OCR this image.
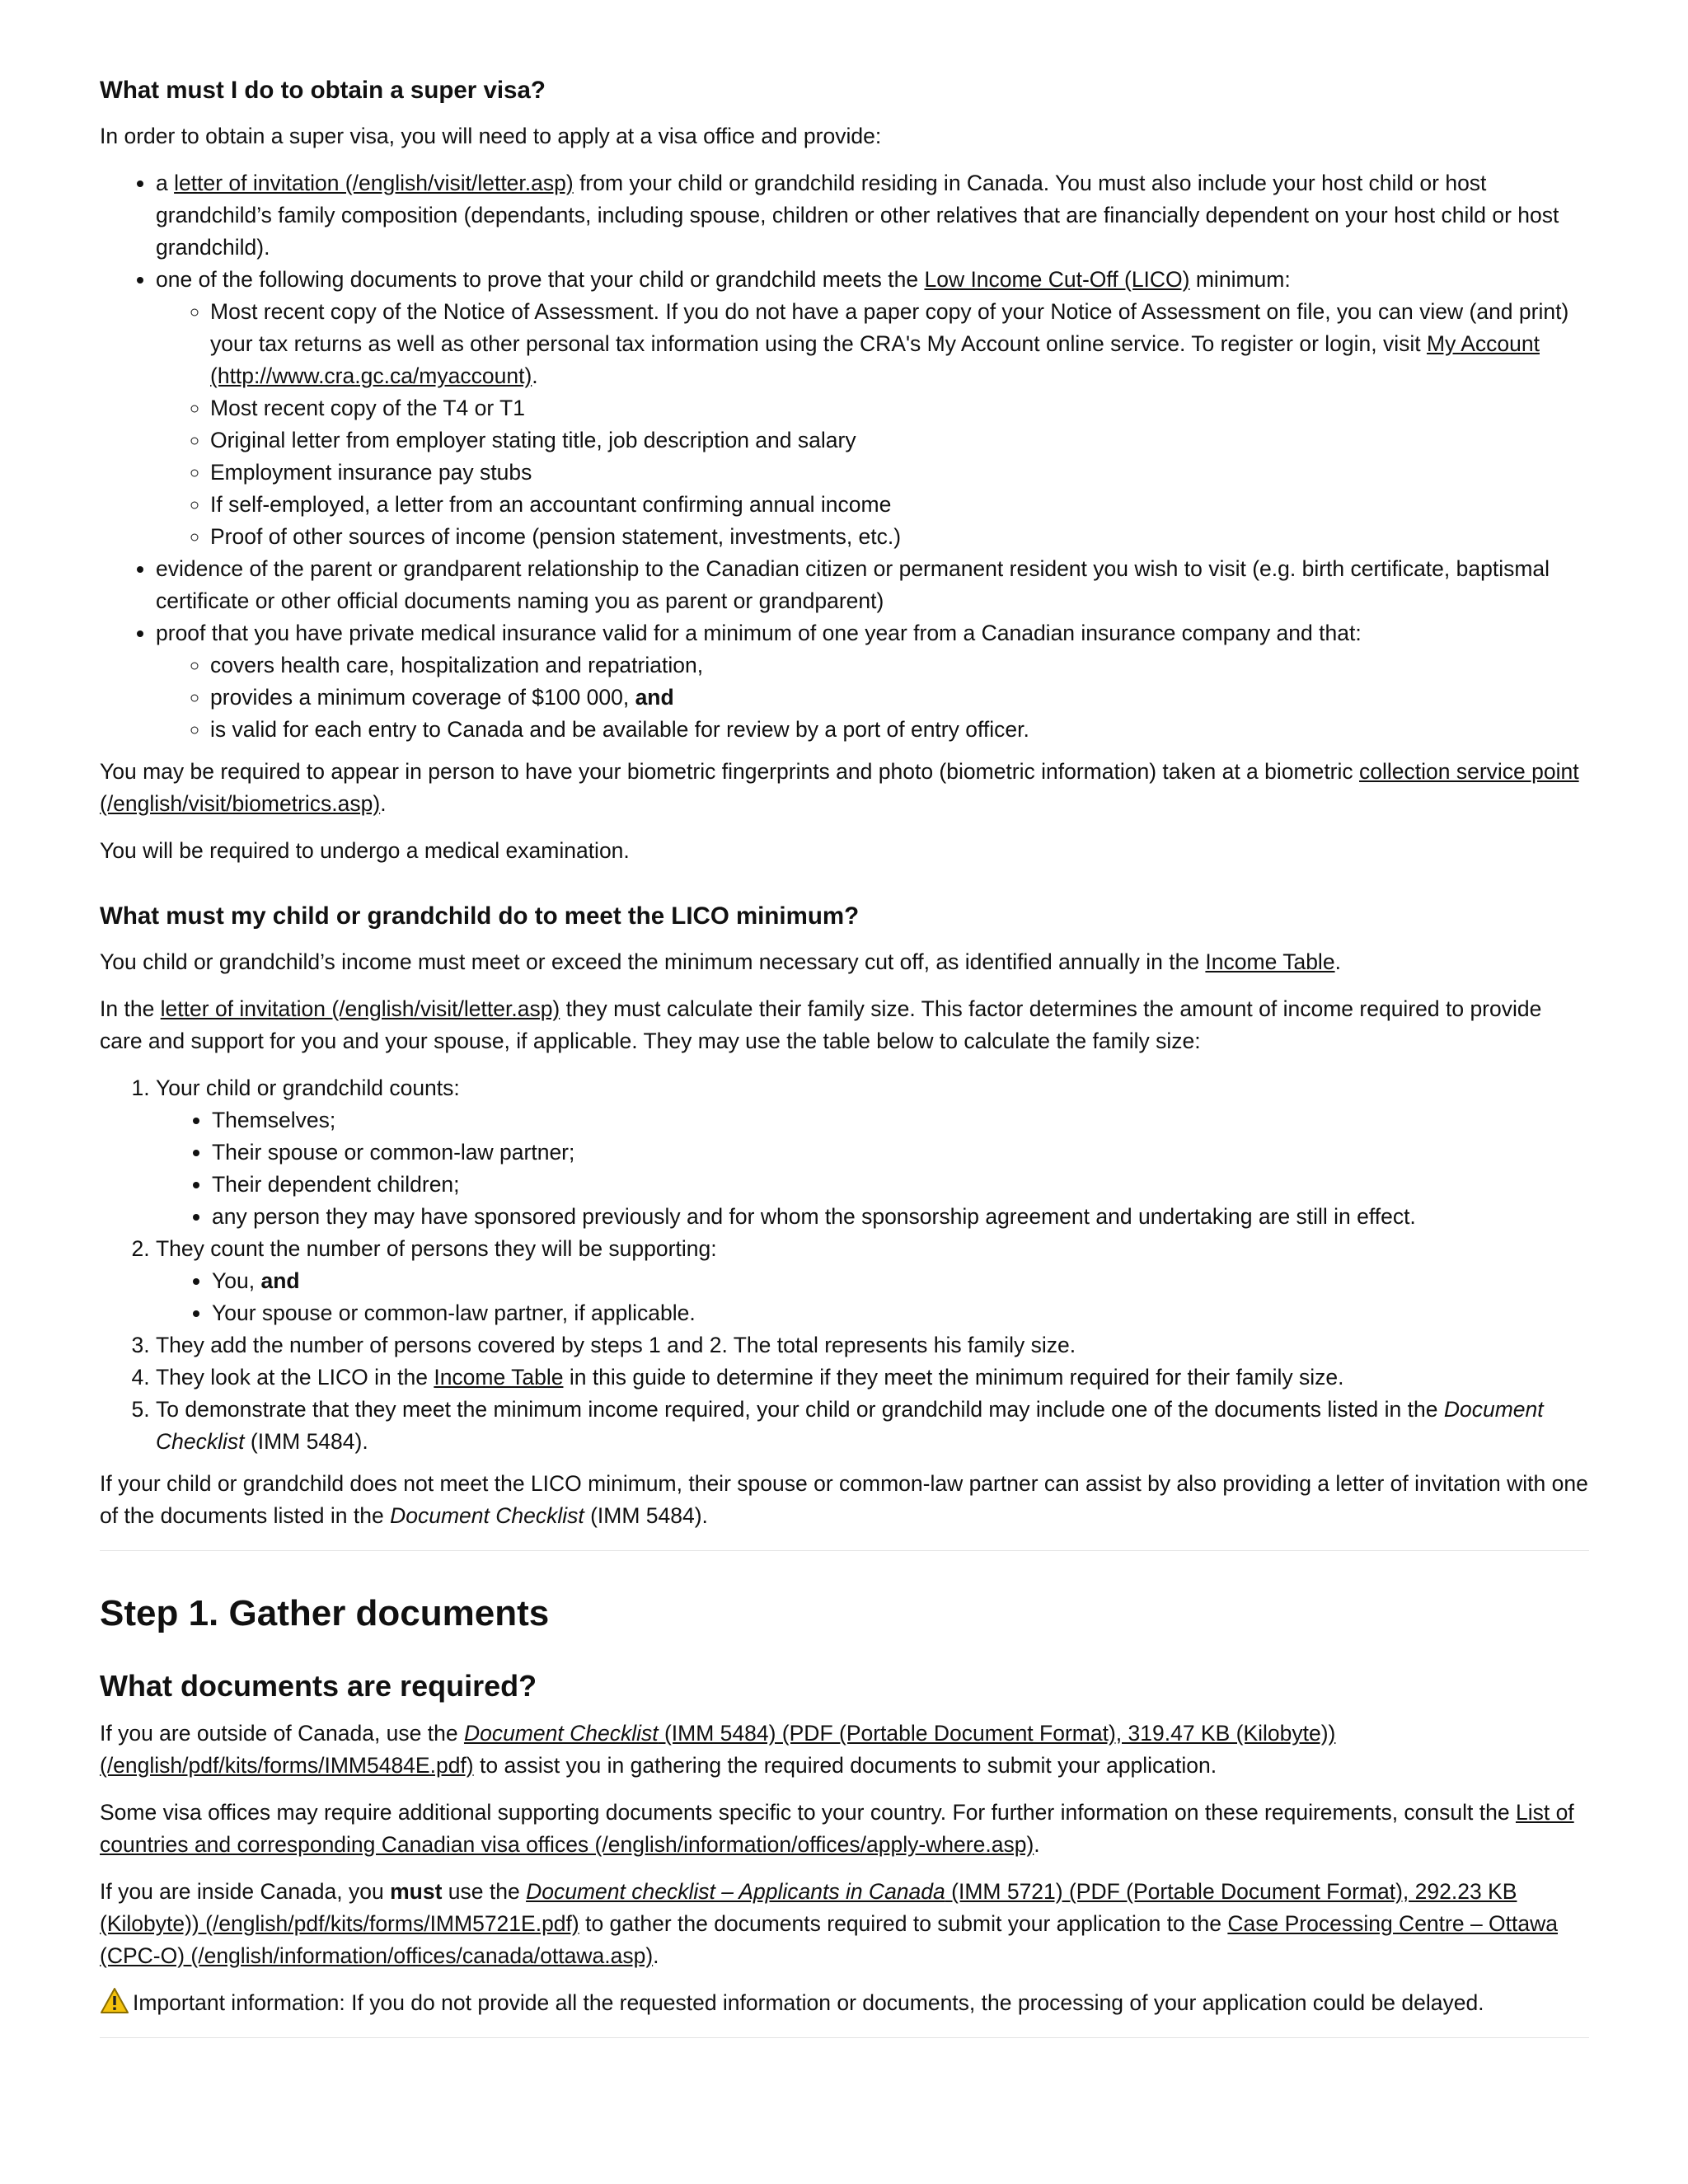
What must I do to obtain a super visa?

In order to obtain a super visa, you will need to apply at a visa office and provide:

• a letter of invitation (/english/visit/letter.asp) from your child or grandchild residing in Canada. You must also include your host child or host grandchild’s family composition (dependants, including spouse, children or other relatives that are financially dependent on your host child or host grandchild).
• one of the following documents to prove that your child or grandchild meets the Low Income Cut-Off (LICO) minimum:
◦ Most recent copy of the Notice of Assessment. If you do not have a paper copy of your Notice of Assessment on file, you can view (and print) your tax returns as well as other personal tax information using the CRA's My Account online service. To register or login, visit My Account (http://www.cra.gc.ca/myaccount).
◦ Most recent copy of the T4 or T1
◦ Original letter from employer stating title, job description and salary
◦ Employment insurance pay stubs
◦ If self-employed, a letter from an accountant confirming annual income
◦ Proof of other sources of income (pension statement, investments, etc.)
• evidence of the parent or grandparent relationship to the Canadian citizen or permanent resident you wish to visit (e.g. birth certificate, baptismal certificate or other official documents naming you as parent or grandparent)
• proof that you have private medical insurance valid for a minimum of one year from a Canadian insurance company and that:
◦ covers health care, hospitalization and repatriation,
◦ provides a minimum coverage of $100 000, and
◦ is valid for each entry to Canada and be available for review by a port of entry officer.

You may be required to appear in person to have your biometric fingerprints and photo (biometric information) taken at a biometric collection service point (/english/visit/biometrics.asp).

You will be required to undergo a medical examination.

What must my child or grandchild do to meet the LICO minimum?

You child or grandchild’s income must meet or exceed the minimum necessary cut off, as identified annually in the Income Table.

In the letter of invitation (/english/visit/letter.asp) they must calculate their family size. This factor determines the amount of income required to provide care and support for you and your spouse, if applicable. They may use the table below to calculate the family size:

1. Your child or grandchild counts:
• Themselves;
• Their spouse or common-law partner;
• Their dependent children;
• any person they may have sponsored previously and for whom the sponsorship agreement and undertaking are still in effect.
2. They count the number of persons they will be supporting:
• You, and
• Your spouse or common-law partner, if applicable.
3. They add the number of persons covered by steps 1 and 2. The total represents his family size.
4. They look at the LICO in the Income Table in this guide to determine if they meet the minimum required for their family size.
5. To demonstrate that they meet the minimum income required, your child or grandchild may include one of the documents listed in the Document Checklist (IMM 5484).

If your child or grandchild does not meet the LICO minimum, their spouse or common-law partner can assist by also providing a letter of invitation with one of the documents listed in the Document Checklist (IMM 5484).

Step 1. Gather documents
What documents are required?

If you are outside of Canada, use the Document Checklist (IMM 5484) (PDF (Portable Document Format), 319.47 KB (Kilobyte)) (/english/pdf/kits/forms/IMM5484E.pdf) to assist you in gathering the required documents to submit your application.

Some visa offices may require additional supporting documents specific to your country. For further information on these requirements, consult the List of countries and corresponding Canadian visa offices (/english/information/offices/apply-where.asp).

If you are inside Canada, you must use the Document checklist – Applicants in Canada (IMM 5721) (PDF (Portable Document Format), 292.23 KB (Kilobyte)) (/english/pdf/kits/forms/IMM5721E.pdf) to gather the documents required to submit your application to the Case Processing Centre – Ottawa (CPC-O) (/english/information/offices/canada/ottawa.asp).

Important information: If you do not provide all the requested information or documents, the processing of your application could be delayed.
